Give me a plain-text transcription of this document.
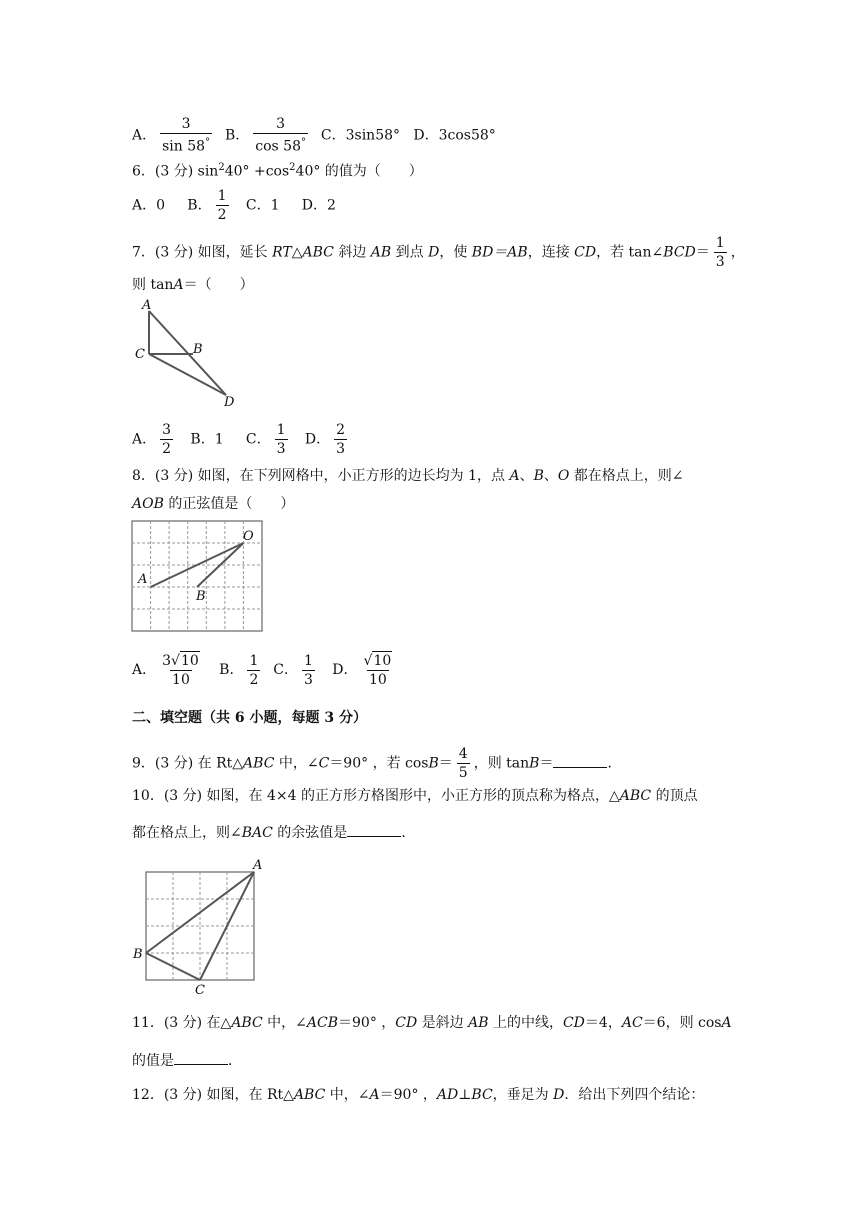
A． $\frac{3}{\sin 58^\circ}$ B． $\frac{3}{\cos 58^\circ}$ C．3sin58° D．3cos58°
6．(3 分) $\sin^240^\circ +\cos^240^\circ$ 的值为（　　）
A．0 B． $\frac{1}{2}$ C．1 D．2
7．(3 分) 如图，延长 RT△ABC 斜边 AB 到点 D，使 BD＝AB，连接 CD，若 tan∠BCD＝ $\frac{1}{3}$ ，
则 tanA＝（　　）
A
C	B
D
A． $\frac{3}{2}$ B．1 C． $\frac{1}{3}$ D． $\frac{2}{3}$
8．(3 分) 如图，在下列网格中，小正方形的边长均为 1，点 A、B、O 都在格点上，则∠
AOB 的正弦值是（　　）
A
B
O
A． $\frac{3√10}{10}$ B． $\frac{1}{2}$ C． $\frac{1}{3}$ D． $\frac{√10}{10}$
二、填空题（共 6 小题，每题 3 分）
9．(3 分) 在 Rt△ABC 中，∠C＝90° ，若 $\cos B= \frac{4}{5}$ ，则 tanB＝	．
10．(3 分) 如图，在 4×4 的正方形方格图形中，小正方形的顶点称为格点，△ABC 的顶点
都在格点上，则∠BAC 的余弦值是	．
A
B
C
11．(3 分) 在△ABC 中，∠ACB＝90° ，CD 是斜边 AB 上的中线，CD＝4，AC＝6，则 cosA
的值是	．
12．(3 分) 如图，在 Rt△ABC 中，∠A＝90° ，AD⊥BC，垂足为 D．给出下列四个结论：
